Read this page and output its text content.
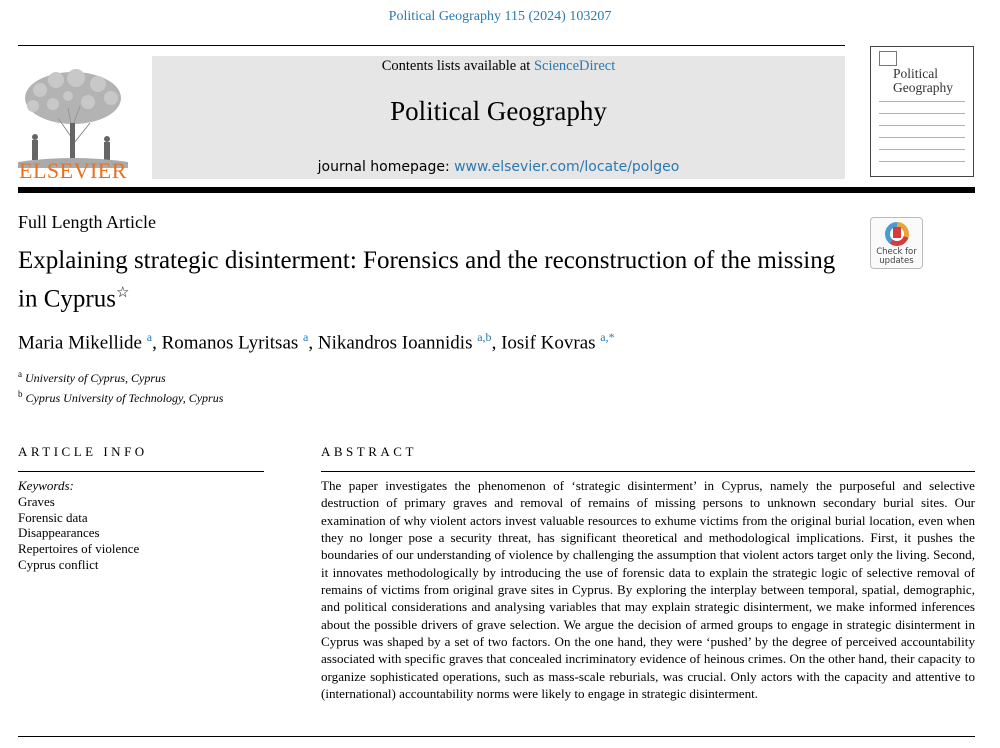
Political Geography 115 (2024) 103207
ELSEVIER
Contents lists available at ScienceDirect
Political Geography
journal homepage: www.elsevier.com/locate/polgeo
Political
Geography
Full Length Article
Explaining strategic disinterment: Forensics and the reconstruction of the missing in Cyprus☆
Check for
updates
Maria Mikellide $^a$, Romanos Lyritsas $^a$, Nikandros Ioannidis $^{a,b}$, Iosif Kovras $^{a,*}$
$^a$ University of Cyprus, Cyprus
$^b$ Cyprus University of Technology, Cyprus
ARTICLE INFO	ABSTRACT
Keywords:
Graves
Forensic data
Disappearances
Repertoires of violence
Cyprus conflict
The paper investigates the phenomenon of ‘strategic disinterment’ in Cyprus, namely the purposeful and selective destruction of primary graves and removal of remains of missing persons to unknown secondary burial sites. Our examination of why violent actors invest valuable resources to exhume victims from the original burial location, even when they no longer pose a security threat, has significant theoretical and methodological implications. First, it pushes the boundaries of our understanding of violence by challenging the assumption that violent actors target only the living. Second, it innovates methodologically by introducing the use of forensic data to explain the strategic logic of selective removal of remains of victims from original grave sites in Cyprus. By exploring the interplay between temporal, spatial, demographic, and political considerations and analysing variables that may explain strategic disinterment, we make informed inferences about the possible drivers of grave selection. We argue the decision of armed groups to engage in strategic disinterment in Cyprus was shaped by a set of two factors. On the one hand, they were ‘pushed’ by the degree of perceived accountability associated with specific graves that concealed incriminatory evidence of heinous crimes. On the other hand, their capacity to organize sophisticated operations, such as mass-scale reburials, was crucial. Only actors with the capacity and attentive to (international) accountability norms were likely to engage in strategic disinterment.
